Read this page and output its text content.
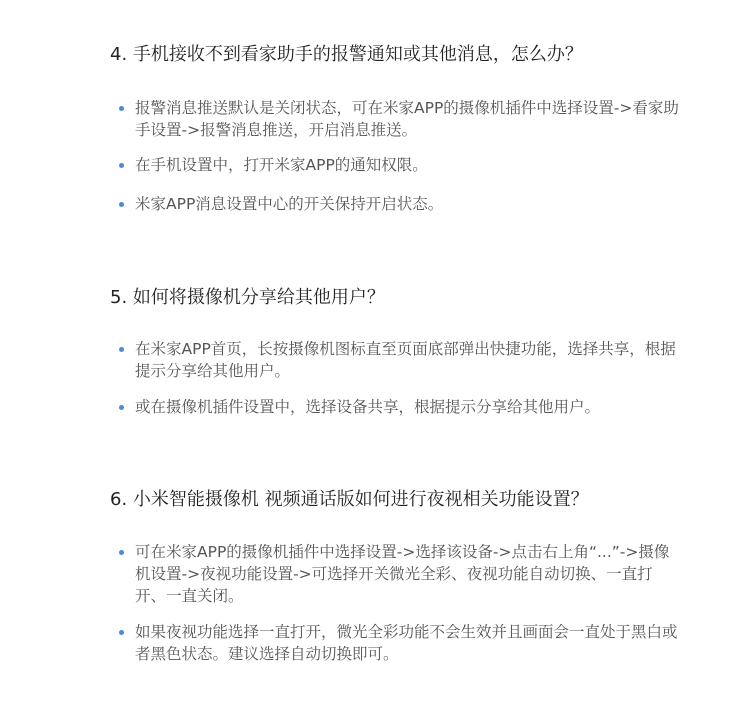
4. 手机接收不到看家助手的报警通知或其他消息，怎么办？
报警消息推送默认是关闭状态，可在米家APP的摄像机插件中选择设置->看家助手设置->报警消息推送，开启消息推送。
在手机设置中，打开米家APP的通知权限。
米家APP消息设置中心的开关保持开启状态。
5. 如何将摄像机分享给其他用户？
在米家APP首页，长按摄像机图标直至页面底部弹出快捷功能，选择共享，根据提示分享给其他用户。
或在摄像机插件设置中，选择设备共享，根据提示分享给其他用户。
6. 小米智能摄像机 视频通话版如何进行夜视相关功能设置？
可在米家APP的摄像机插件中选择设置->选择该设备->点击右上角“...”->摄像机设置->夜视功能设置->可选择开关微光全彩、夜视功能自动切换、一直打开、一直关闭。
如果夜视功能选择一直打开，微光全彩功能不会生效并且画面会一直处于黑白或者黑色状态。建议选择自动切换即可。
